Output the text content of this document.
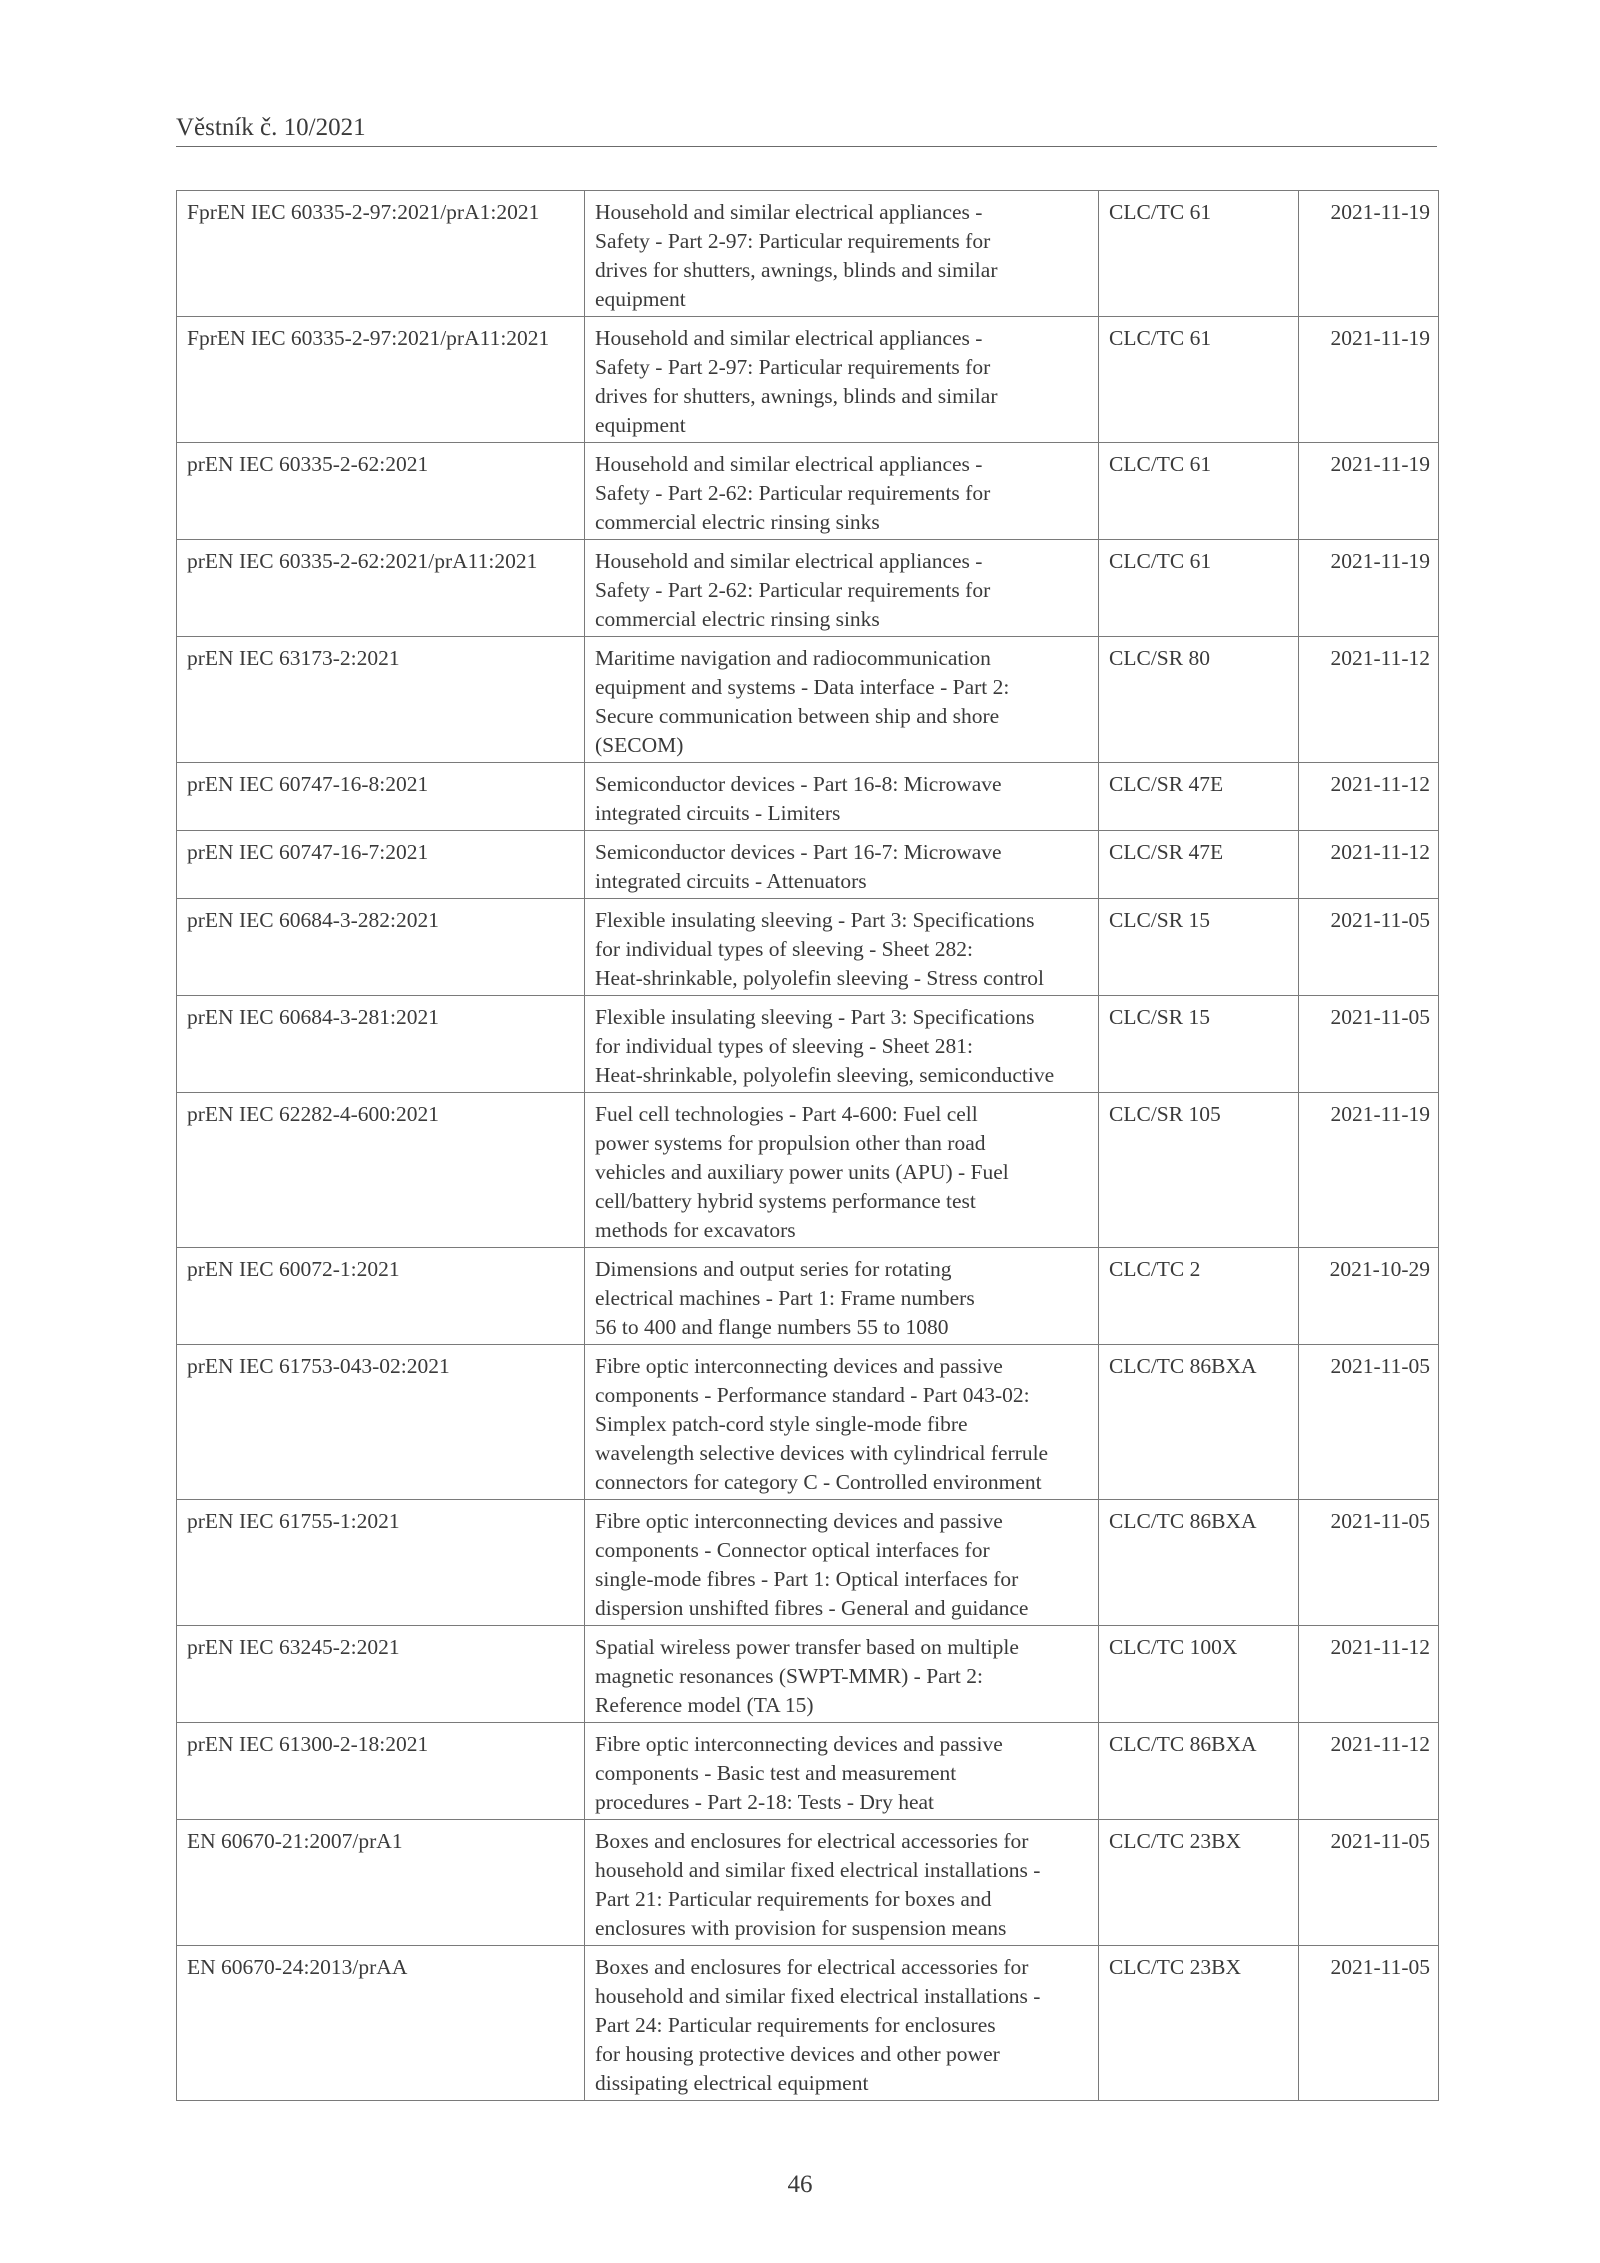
Věstník č. 10/2021
FprEN IEC 60335-2-97:2021/prA1:2021	Household and similar electrical appliances -
Safety - Part 2-97: Particular requirements for
drives for shutters, awnings, blinds and similar
equipment	CLC/TC 61	2021-11-19
FprEN IEC 60335-2-97:2021/prA11:2021	Household and similar electrical appliances -
Safety - Part 2-97: Particular requirements for
drives for shutters, awnings, blinds and similar
equipment	CLC/TC 61	2021-11-19
prEN IEC 60335-2-62:2021	Household and similar electrical appliances -
Safety - Part 2-62: Particular requirements for
commercial electric rinsing sinks	CLC/TC 61	2021-11-19
prEN IEC 60335-2-62:2021/prA11:2021	Household and similar electrical appliances -
Safety - Part 2-62: Particular requirements for
commercial electric rinsing sinks	CLC/TC 61	2021-11-19
prEN IEC 63173-2:2021	Maritime navigation and radiocommunication
equipment and systems - Data interface - Part 2:
Secure communication between ship and shore
(SECOM)	CLC/SR 80	2021-11-12
prEN IEC 60747-16-8:2021	Semiconductor devices - Part 16-8: Microwave
integrated circuits - Limiters	CLC/SR 47E	2021-11-12
prEN IEC 60747-16-7:2021	Semiconductor devices - Part 16-7: Microwave
integrated circuits - Attenuators	CLC/SR 47E	2021-11-12
prEN IEC 60684-3-282:2021	Flexible insulating sleeving - Part 3: Specifications
for individual types of sleeving - Sheet 282:
Heat-shrinkable, polyolefin sleeving - Stress control	CLC/SR 15	2021-11-05
prEN IEC 60684-3-281:2021	Flexible insulating sleeving - Part 3: Specifications
for individual types of sleeving - Sheet 281:
Heat-shrinkable, polyolefin sleeving, semiconductive	CLC/SR 15	2021-11-05
prEN IEC 62282-4-600:2021	Fuel cell technologies - Part 4-600: Fuel cell
power systems for propulsion other than road
vehicles and auxiliary power units (APU) - Fuel
cell/battery hybrid systems performance test
methods for excavators	CLC/SR 105	2021-11-19
prEN IEC 60072-1:2021	Dimensions and output series for rotating
electrical machines - Part 1: Frame numbers
56 to 400 and flange numbers 55 to 1080	CLC/TC 2	2021-10-29
prEN IEC 61753-043-02:2021	Fibre optic interconnecting devices and passive
components - Performance standard - Part 043-02:
Simplex patch-cord style single-mode fibre
wavelength selective devices with cylindrical ferrule
connectors for category C - Controlled environment	CLC/TC 86BXA	2021-11-05
prEN IEC 61755-1:2021	Fibre optic interconnecting devices and passive
components - Connector optical interfaces for
single-mode fibres - Part 1: Optical interfaces for
dispersion unshifted fibres - General and guidance	CLC/TC 86BXA	2021-11-05
prEN IEC 63245-2:2021	Spatial wireless power transfer based on multiple
magnetic resonances (SWPT-MMR) - Part 2:
Reference model (TA 15)	CLC/TC 100X	2021-11-12
prEN IEC 61300-2-18:2021	Fibre optic interconnecting devices and passive
components - Basic test and measurement
procedures - Part 2-18: Tests - Dry heat	CLC/TC 86BXA	2021-11-12
EN 60670-21:2007/prA1	Boxes and enclosures for electrical accessories for
household and similar fixed electrical installations -
Part 21: Particular requirements for boxes and
enclosures with provision for suspension means	CLC/TC 23BX	2021-11-05
EN 60670-24:2013/prAA	Boxes and enclosures for electrical accessories for
household and similar fixed electrical installations -
Part 24: Particular requirements for enclosures
for housing protective devices and other power
dissipating electrical equipment	CLC/TC 23BX	2021-11-05
46
